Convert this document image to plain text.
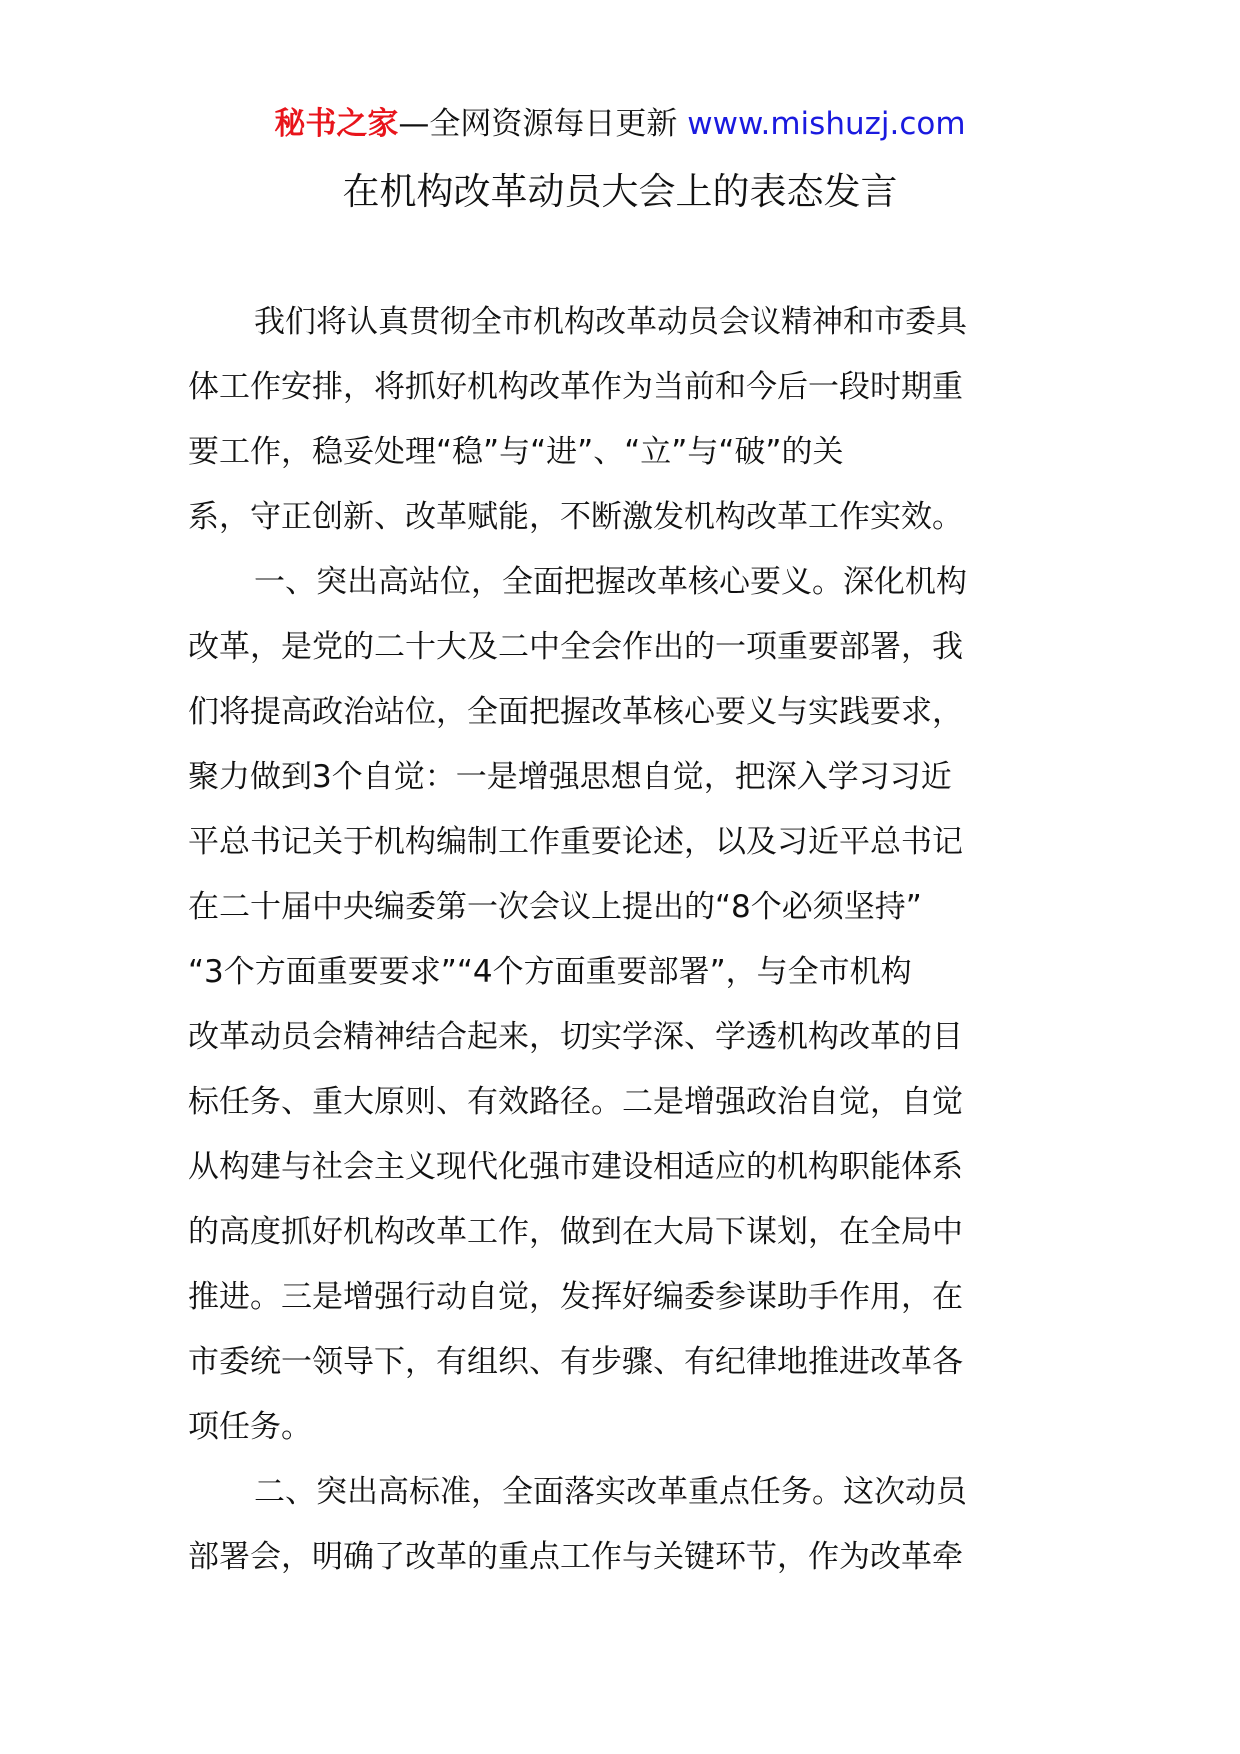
秘书之家—全网资源每日更新 www.mishuzj.com
在机构改革动员大会上的表态发言
我们将认真贯彻全市机构改革动员会议精神和市委具
体工作安排，将抓好机构改革作为当前和今后一段时期重
要工作，稳妥处理“稳”与“进”、“立”与“破”的关
系，守正创新、改革赋能，不断激发机构改革工作实效。
一、突出高站位，全面把握改革核心要义。深化机构
改革，是党的二十大及二中全会作出的一项重要部署，我
们将提高政治站位，全面把握改革核心要义与实践要求，
聚力做到3个自觉：一是增强思想自觉，把深入学习习近
平总书记关于机构编制工作重要论述，以及习近平总书记
在二十届中央编委第一次会议上提出的“8个必须坚持”
“3个方面重要要求”“4个方面重要部署”，与全市机构
改革动员会精神结合起来，切实学深、学透机构改革的目
标任务、重大原则、有效路径。二是增强政治自觉，自觉
从构建与社会主义现代化强市建设相适应的机构职能体系
的高度抓好机构改革工作，做到在大局下谋划，在全局中
推进。三是增强行动自觉，发挥好编委参谋助手作用，在
市委统一领导下，有组织、有步骤、有纪律地推进改革各
项任务。
二、突出高标准，全面落实改革重点任务。这次动员
部署会，明确了改革的重点工作与关键环节，作为改革牵
